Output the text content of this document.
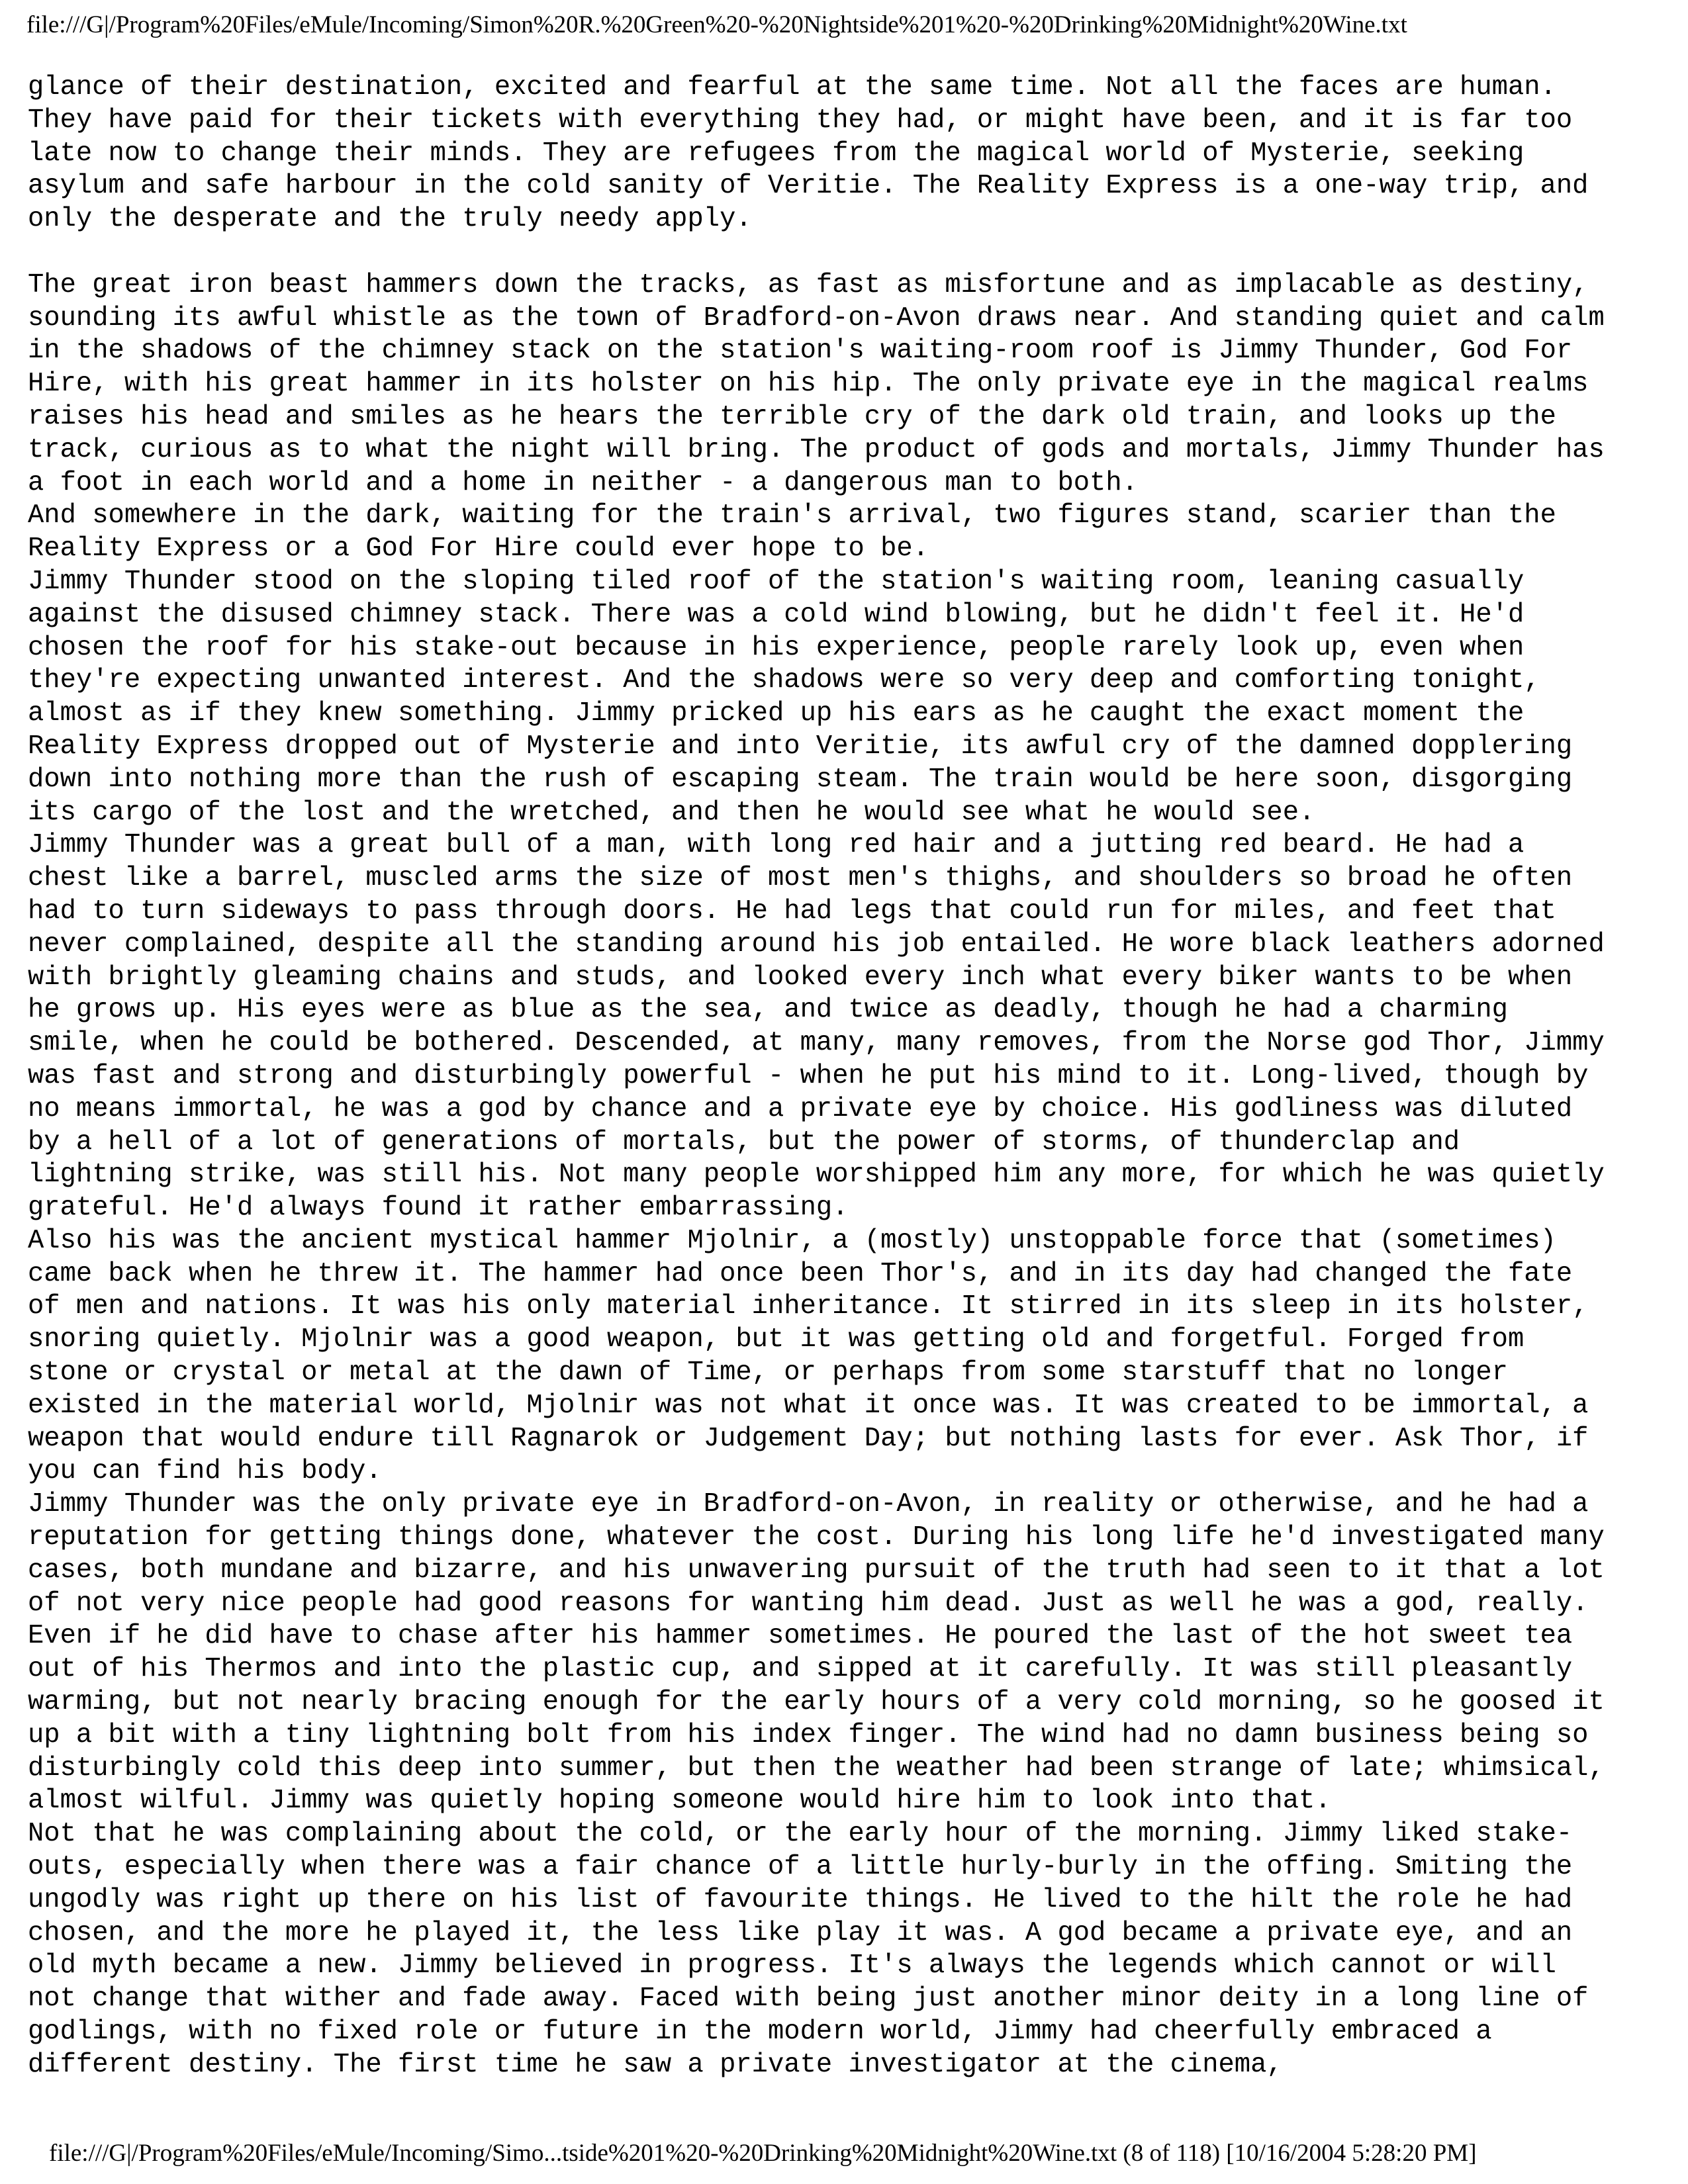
file:///G|/Program%20Files/eMule/Incoming/Simon%20R.%20Green%20-%20Nightside%201%20-%20Drinking%20Midnight%20Wine.txt

glance of their destination, excited and fearful at the same time. Not all the faces are human.
They have paid for their tickets with everything they had, or might have been, and it is far too
late now to change their minds. They are refugees from the magical world of Mysterie, seeking
asylum and safe harbour in the cold sanity of Veritie. The Reality Express is a one-way trip, and
only the desperate and the truly needy apply.

The great iron beast hammers down the tracks, as fast as misfortune and as implacable as destiny,
sounding its awful whistle as the town of Bradford-on-Avon draws near. And standing quiet and calm
in the shadows of the chimney stack on the station's waiting-room roof is Jimmy Thunder, God For
Hire, with his great hammer in its holster on his hip. The only private eye in the magical realms
raises his head and smiles as he hears the terrible cry of the dark old train, and looks up the
track, curious as to what the night will bring. The product of gods and mortals, Jimmy Thunder has
a foot in each world and a home in neither - a dangerous man to both.

And somewhere in the dark, waiting for the train's arrival, two figures stand, scarier than the
Reality Express or a God For Hire could ever hope to be.

Jimmy Thunder stood on the sloping tiled roof of the station's waiting room, leaning casually
against the disused chimney stack. There was a cold wind blowing, but he didn't feel it. He'd
chosen the roof for his stake-out because in his experience, people rarely look up, even when
they're expecting unwanted interest. And the shadows were so very deep and comforting tonight,
almost as if they knew something. Jimmy pricked up his ears as he caught the exact moment the
Reality Express dropped out of Mysterie and into Veritie, its awful cry of the damned dopplering
down into nothing more than the rush of escaping steam. The train would be here soon, disgorging
its cargo of the lost and the wretched, and then he would see what he would see.

Jimmy Thunder was a great bull of a man, with long red hair and a jutting red beard. He had a
chest like a barrel, muscled arms the size of most men's thighs, and shoulders so broad he often
had to turn sideways to pass through doors. He had legs that could run for miles, and feet that
never complained, despite all the standing around his job entailed. He wore black leathers adorned
with brightly gleaming chains and studs, and looked every inch what every biker wants to be when
he grows up. His eyes were as blue as the sea, and twice as deadly, though he had a charming
smile, when he could be bothered. Descended, at many, many removes, from the Norse god Thor, Jimmy
was fast and strong and disturbingly powerful - when he put his mind to it. Long-lived, though by
no means immortal, he was a god by chance and a private eye by choice. His godliness was diluted
by a hell of a lot of generations of mortals, but the power of storms, of thunderclap and
lightning strike, was still his. Not many people worshipped him any more, for which he was quietly
grateful. He'd always found it rather embarrassing.

Also his was the ancient mystical hammer Mjolnir, a (mostly) unstoppable force that (sometimes)
came back when he threw it. The hammer had once been Thor's, and in its day had changed the fate
of men and nations. It was his only material inheritance. It stirred in its sleep in its holster,
snoring quietly. Mjolnir was a good weapon, but it was getting old and forgetful. Forged from
stone or crystal or metal at the dawn of Time, or perhaps from some starstuff that no longer
existed in the material world, Mjolnir was not what it once was. It was created to be immortal, a
weapon that would endure till Ragnarok or Judgement Day; but nothing lasts for ever. Ask Thor, if
you can find his body.

Jimmy Thunder was the only private eye in Bradford-on-Avon, in reality or otherwise, and he had a
reputation for getting things done, whatever the cost. During his long life he'd investigated many
cases, both mundane and bizarre, and his unwavering pursuit of the truth had seen to it that a lot
of not very nice people had good reasons for wanting him dead. Just as well he was a god, really.
Even if he did have to chase after his hammer sometimes. He poured the last of the hot sweet tea
out of his Thermos and into the plastic cup, and sipped at it carefully. It was still pleasantly
warming, but not nearly bracing enough for the early hours of a very cold morning, so he goosed it
up a bit with a tiny lightning bolt from his index finger. The wind had no damn business being so
disturbingly cold this deep into summer, but then the weather had been strange of late; whimsical,
almost wilful. Jimmy was quietly hoping someone would hire him to look into that.

Not that he was complaining about the cold, or the early hour of the morning. Jimmy liked stake-
outs, especially when there was a fair chance of a little hurly-burly in the offing. Smiting the
ungodly was right up there on his list of favourite things. He lived to the hilt the role he had
chosen, and the more he played it, the less like play it was. A god became a private eye, and an
old myth became a new. Jimmy believed in progress. It's always the legends which cannot or will
not change that wither and fade away. Faced with being just another minor deity in a long line of
godlings, with no fixed role or future in the modern world, Jimmy had cheerfully embraced a
different destiny. The first time he saw a private investigator at the cinema,

file:///G|/Program%20Files/eMule/Incoming/Simo...tside%201%20-%20Drinking%20Midnight%20Wine.txt (8 of 118) [10/16/2004 5:28:20 PM]
